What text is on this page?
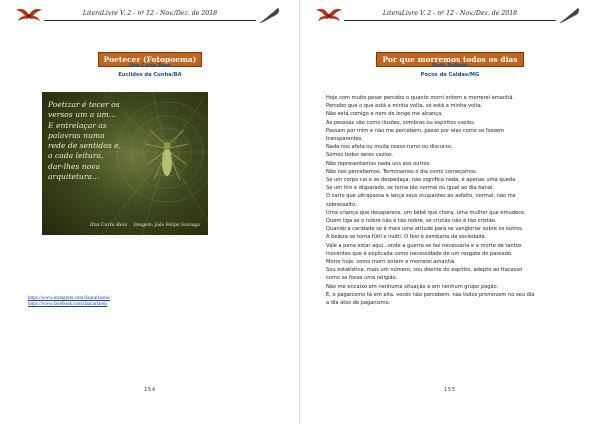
LiteraLivre V. 2 - nº 12 - Nov./Dez. de 2018
Poetecer (Fotopoema)
Ilza Carla Reis
Euclides da Cunha/BA
Poetizar é tecer os
versos um a um...
E entrelaçar as
palavras numa
rede de sentidos e,
a cada leitura,
dar-lhes nova
arquitetura...
Ilza Carla Reis Imagem: João Felipe Gonzaga
https://www.instagram.com/ilzacarlareis/
https://www.facebook.com/ilzacarlareis
154
LiteraLivre V. 2 - nº 12 - Nov./Dez. de 2018
Por que morremos todos os dias
Beth Faltahi
Poços de Caldas/MG
Hoje com muito pesar percebo o quanto morri ontem e morrerei amanhã.
Percebo que o que está a minha volta, só está a minha volta.
Não está comigo e nem de longe me alcança.
As pessoas são como ilusões, sombras ou espíritos vazios.
Passam por mim e não me percebem, passo por elas como se fossem
transparentes.
Nada nos afeta ou muda nosso rumo ou discurso.
Somos todos seres vazios.
Não representamos nada uns aos outros.
Não nos percebemos. Terminamos o dia como começamos.
Se um corpo cai e se despedaça, não significa nada, é apenas uma queda.
Se um tiro é disparado, se torna tão normal ou igual ao dia banal.
O carro que ultrapassa e lança seus ocupantes ao asfalto, normal, não me
sobressalto.
Uma criança que desaparece, um bebê que chora, uma mulher que emudece.
Quem liga se o nobre não é tão nobre, se cristão não é tão cristão.
Quando a caridade só é mais uma atitude para se vangloriar sobre os outros.
A beleza se torna fútil e inútil. O feio é zombaria da sociedade.
Vale a pena estar aqui...onde a guerra se faz necessária e a morte de tantos
inocentes que é explicada como necessidade de um resgate do passado.
Morro hoje, como morri ontem e morrerei amanhã.
Sou estatística, mais um número, sou doente do espírito, adepto ao fracasso
como se fosse uma religião.
Não me encaixo em nenhuma situação e em nenhum grupo pagão.
É, o paganismo tá em alta, vocês não percebem, nas todos promovem no seu dia
a dia atos de paganismo.
155
